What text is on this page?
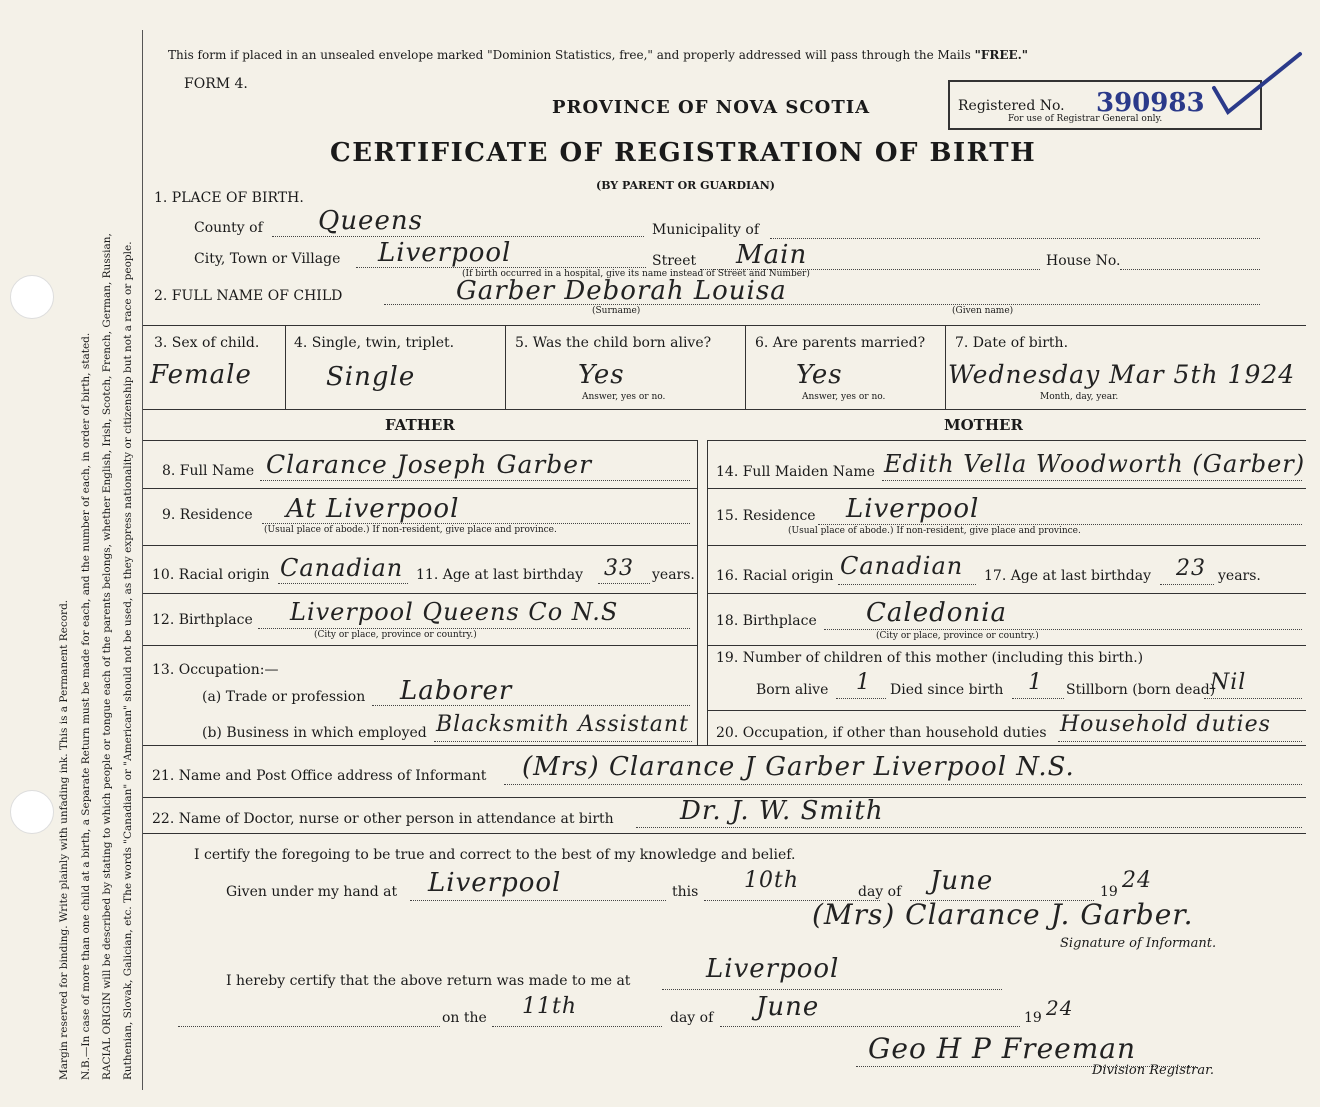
Margin reserved for binding. Write plainly with unfading ink. This is a Permanent Record. N.B.—In case of more than one child at a birth, a Separate Return must be made for each, and the number of each, in order of birth, stated. RACIAL ORIGIN will be described by stating to which people or tongue each of the parents belongs, whether English, Irish, Scotch, French, German, Russian, Ruthenian, Slovak, Galician, etc. The words "Canadian" or "American" should not be used, as they express nationality or citizenship but not a race or people.
This form if placed in an unsealed envelope marked "Dominion Statistics, free," and properly addressed will pass through the Mails "FREE."
FORM 4.
PROVINCE OF NOVA SCOTIA
CERTIFICATE OF REGISTRATION OF BIRTH
(BY PARENT OR GUARDIAN)
Registered No. 390983
For use of Registrar General only.
1. PLACE OF BIRTH.
County of Queens	Municipality of
City, Town or Village Liverpool	Street Main	House No.
(If birth occurred in a hospital, give its name instead of Street and Number)
2. FULL NAME OF CHILD	Garber Deborah Louisa
(Surname)	(Given name)
3. Sex of child.
Female
4. Single, twin, triplet.
Single
5. Was the child born alive?
Yes
Answer, yes or no.
6. Are parents married?
Yes
Answer, yes or no.
7. Date of birth.
Wednesday Mar 5th 1924
Month, day, year.
FATHER	MOTHER
8. Full Name Clarance Joseph Garber
9. Residence At Liverpool
(Usual place of abode.) If non-resident, give place and province.
10. Racial origin Canadian 11. Age at last birthday 33 years.
12. Birthplace Liverpool Queens Co N.S
(City or place, province or country.)
13. Occupation:—
(a) Trade or profession Laborer
(b) Business in which employed Blacksmith Assistant
14. Full Maiden Name Edith Vella Woodworth (Garber)
15. Residence Liverpool
(Usual place of abode.) If non-resident, give place and province.
16. Racial origin Canadian 17. Age at last birthday 23 years.
18. Birthplace Caledonia
(City or place, province or country.)
19. Number of children of this mother (including this birth.)
Born alive 1 Died since birth 1 Stillborn (born dead)
Nil
20. Occupation, if other than household duties Household duties
21. Name and Post Office address of Informant (Mrs) Clarance J Garber Liverpool N.S.
22. Name of Doctor, nurse or other person in attendance at birth	Dr. J. W. Smith
I certify the foregoing to be true and correct to the best of my knowledge and belief.
Given under my hand at Liverpool	this 10th	day of June	19 24
(Mrs) Clarance J. Garber.
Signature of Informant.
I hereby certify that the above return was made to me at	Liverpool
on the 11th	day of June	19 24
Geo H P Freeman
Division Registrar.
